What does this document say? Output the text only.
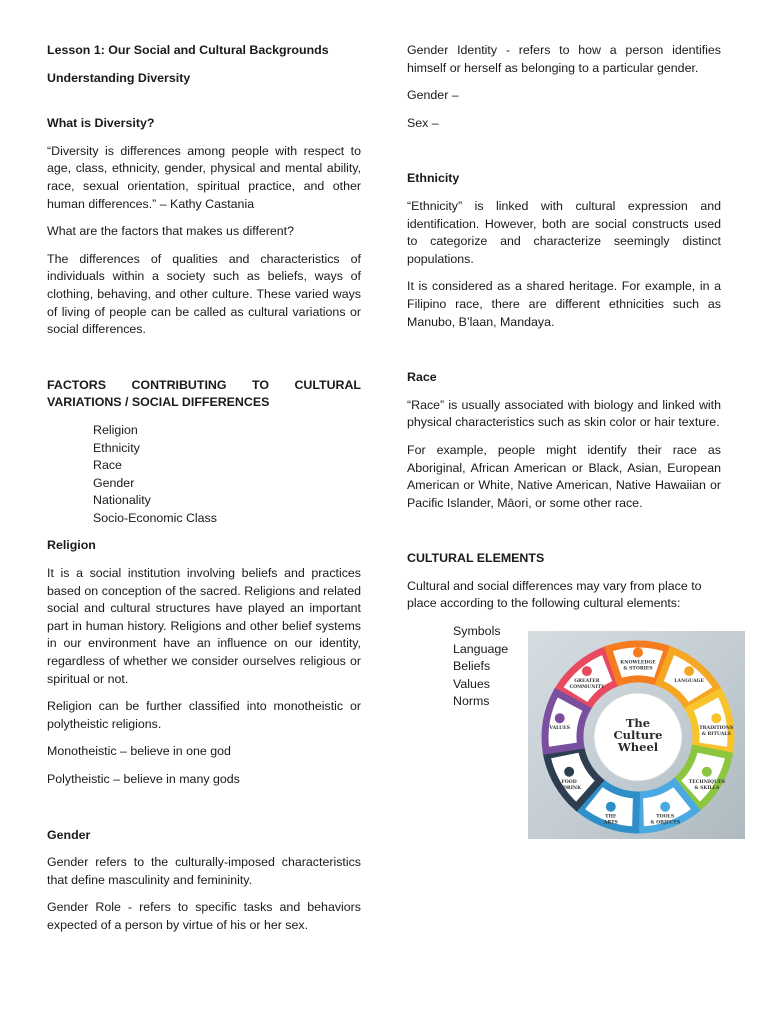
Lesson 1: Our Social and Cultural Backgrounds

Understanding Diversity

What is Diversity?

“Diversity is differences among people with respect to age, class, ethnicity, gender, physical and mental ability, race, sexual orientation, spiritual practice, and other human differences.” – Kathy Castania

What are the factors that makes us different?

The differences of qualities and characteristics of individuals within a society such as beliefs, ways of clothing, behaving, and other culture. These varied ways of living of people can be called as cultural variations or social differences.

FACTORS CONTRIBUTING TO CULTURAL
VARIATIONS / SOCIAL DIFFERENCES
Religion
Ethnicity
Race
Gender
Nationality
Socio-Economic Class

Religion

It is a social institution involving beliefs and practices based on conception of the sacred. Religions and related social and cultural structures have played an important part in human history. Religions and other belief systems in our environment have an influence on our identity, regardless of whether we consider ourselves religious or spiritual or not.

Religion can be further classified into monotheistic or polytheistic religions.

Monotheistic – believe in one god

Polytheistic – believe in many gods

Gender

Gender refers to the culturally-imposed characteristics that define masculinity and femininity.

Gender Role - refers to specific tasks and behaviors expected of a person by virtue of his or her sex.

Gender Identity - refers to how a person identifies himself or herself as belonging to a particular gender.

Gender –

Sex –

Ethnicity

“Ethnicity” is linked with cultural expression and identification. However, both are social constructs used to categorize and characterize seemingly distinct populations.

It is considered as a shared heritage. For example, in a Filipino race, there are different ethnicities such as Manubo, B’laan, Mandaya.

Race

“Race” is usually associated with biology and linked with physical characteristics such as skin color or hair texture.

For example, people might identify their race as Aboriginal, African American or Black, Asian, European American or White, Native American, Native Hawaiian or Pacific Islander, Māori, or some other race.

CULTURAL ELEMENTS

Cultural and social differences may vary from place to place according to the following cultural elements:

Symbols
Language
Beliefs
Values
Norms
GREATER
COMMUNITY
KNOWLEDGE
& STORIES
LANGUAGE
TRADITIONS
& RITUALS
TECHNIQUES
& SKILLS
TOOLS
& OBJECTS
THE
ARTS
FOOD
& DRINK
VALUES	The
Culture
Wheel
